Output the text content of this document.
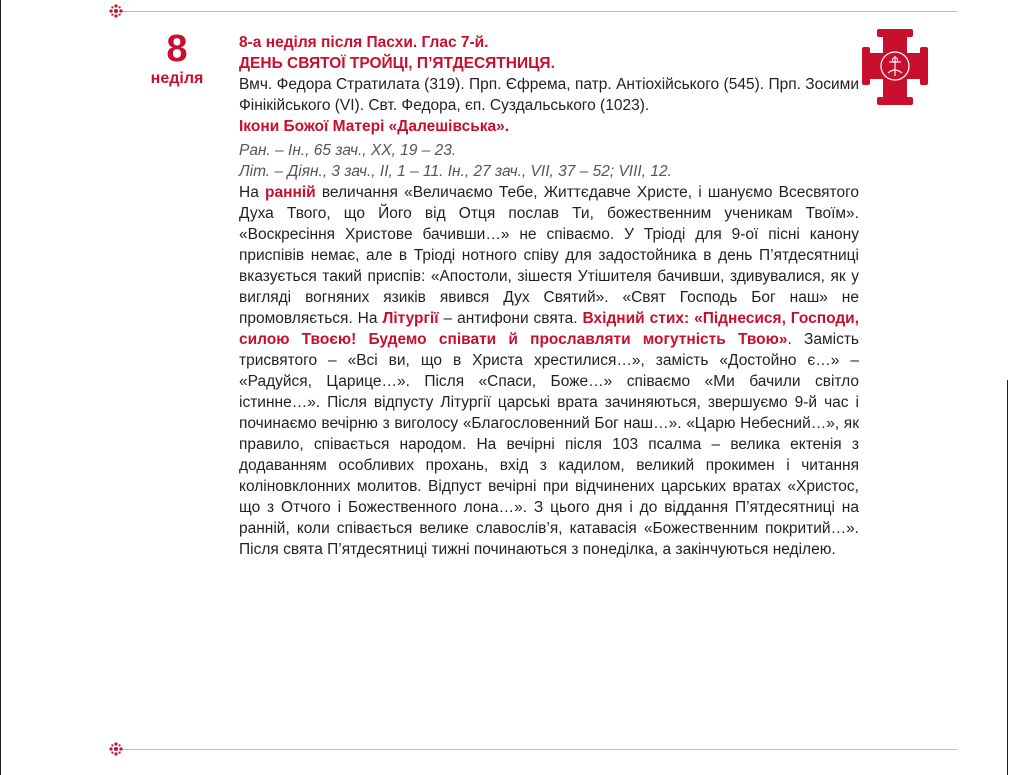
8
неділя
8-а неділя після Пасхи. Глас 7-й.
ДЕНЬ СВЯТОЇ ТРОЙЦІ, П’ЯТДЕСЯТНИЦЯ.
Вмч. Федора Стратилата (319). Прп. Єфрема, патр. Антіохійського (545). Прп. Зосими Фінікійського (VI). Свт. Федора, єп. Суздальського (1023).
Ікони Божої Матері «Далешівська».
Ран. – Ін., 65 зач., ХХ, 19 – 23.
Літ. – Діян., 3 зач., ІІ, 1 – 11. Ін., 27 зач., VІІ, 37 – 52; VІІІ, 12.
На ранній величання «Величаємо Тебе, Життєдавче Христе, і шануємо Всесвятого Духа Твого, що Його від Отця послав Ти, божественним ученикам Твоїм». «Воскресіння Христове бачивши…» не співаємо. У Тріоді для 9-ої пісні канону приспівів немає, але в Тріоді нотного співу для задостойника в день П’ятдесятниці вказується такий приспів: «Апостоли, зішестя Утішителя бачивши, здивувалися, як у вигляді вогняних язиків явився Дух Святий». «Свят Господь Бог наш» не промовляється. На Літургії – антифони свята. Вхідний стих: «Піднесися, Господи, силою Твоєю! Будемо співати й прославляти могутність Твою». Замість трисвятого – «Всі ви, що в Христа хрестилися…», замість «Достойно є…» – «Радуйся, Царице…». Після «Спаси, Боже…» співаємо «Ми бачили світло істинне…». Після відпусту Літургії царські врата зачиняються, звершуємо 9-й час і починаємо вечірню з виголосу «Благословенний Бог наш…». «Царю Небесний…», як правило, співається народом. На вечірні після 103 псалма – велика ектенія з додаванням особливих прохань, вхід з кадилом, великий прокимен і читання коліновклонних молитов. Відпуст вечірні при відчинених царських вратах «Христос, що з Отчого і Божественного лона…». З цього дня і до віддання П’ятдесятниці на ранній, коли співається велике славослів’я, катавасія «Божественним покритий…». Після свята П’ятдесятниці тижні починаються з понеділка, а закінчуються неділею.
